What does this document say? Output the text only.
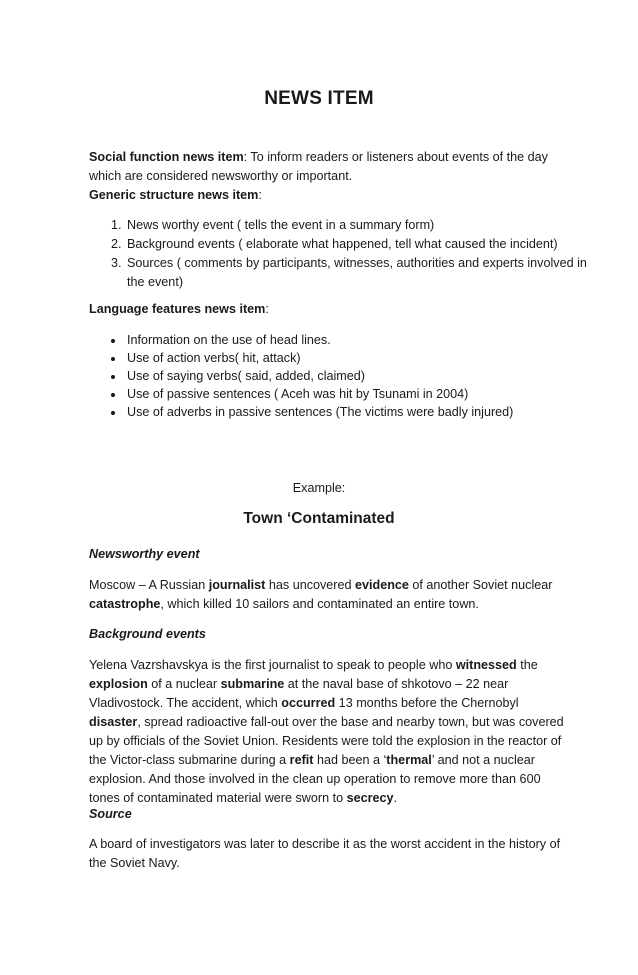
NEWS ITEM
Social function news item: To inform readers or listeners about events of the day which are considered newsworthy or important.
Generic structure news item:
1. News worthy event ( tells the event in a summary form)
2. Background events ( elaborate what happened, tell what caused the incident)
3. Sources ( comments by participants, witnesses, authorities and experts involved in the event)
Language features news item:
• Information on the use of head lines.
• Use of action verbs( hit, attack)
• Use of saying verbs( said, added, claimed)
• Use of passive sentences ( Aceh was hit by Tsunami in 2004)
• Use of adverbs in passive sentences (The victims were badly injured)
Example:
Town ‘Contaminated
Newsworthy event
Moscow – A Russian journalist has uncovered evidence of another Soviet nuclear catastrophe, which killed 10 sailors and contaminated an entire town.
Background events
Yelena Vazrshavskya is the first journalist to speak to people who witnessed the explosion of a nuclear submarine at the naval base of shkotovo – 22 near Vladivostock. The accident, which occurred 13 months before the Chernobyl disaster, spread radioactive fall-out over the base and nearby town, but was covered up by officials of the Soviet Union. Residents were told the explosion in the reactor of the Victor-class submarine during a refit had been a ‘thermal’ and not a nuclear explosion. And those involved in the clean up operation to remove more than 600 tones of contaminated material were sworn to secrecy.
Source
A board of investigators was later to describe it as the worst accident in the history of the Soviet Navy.
